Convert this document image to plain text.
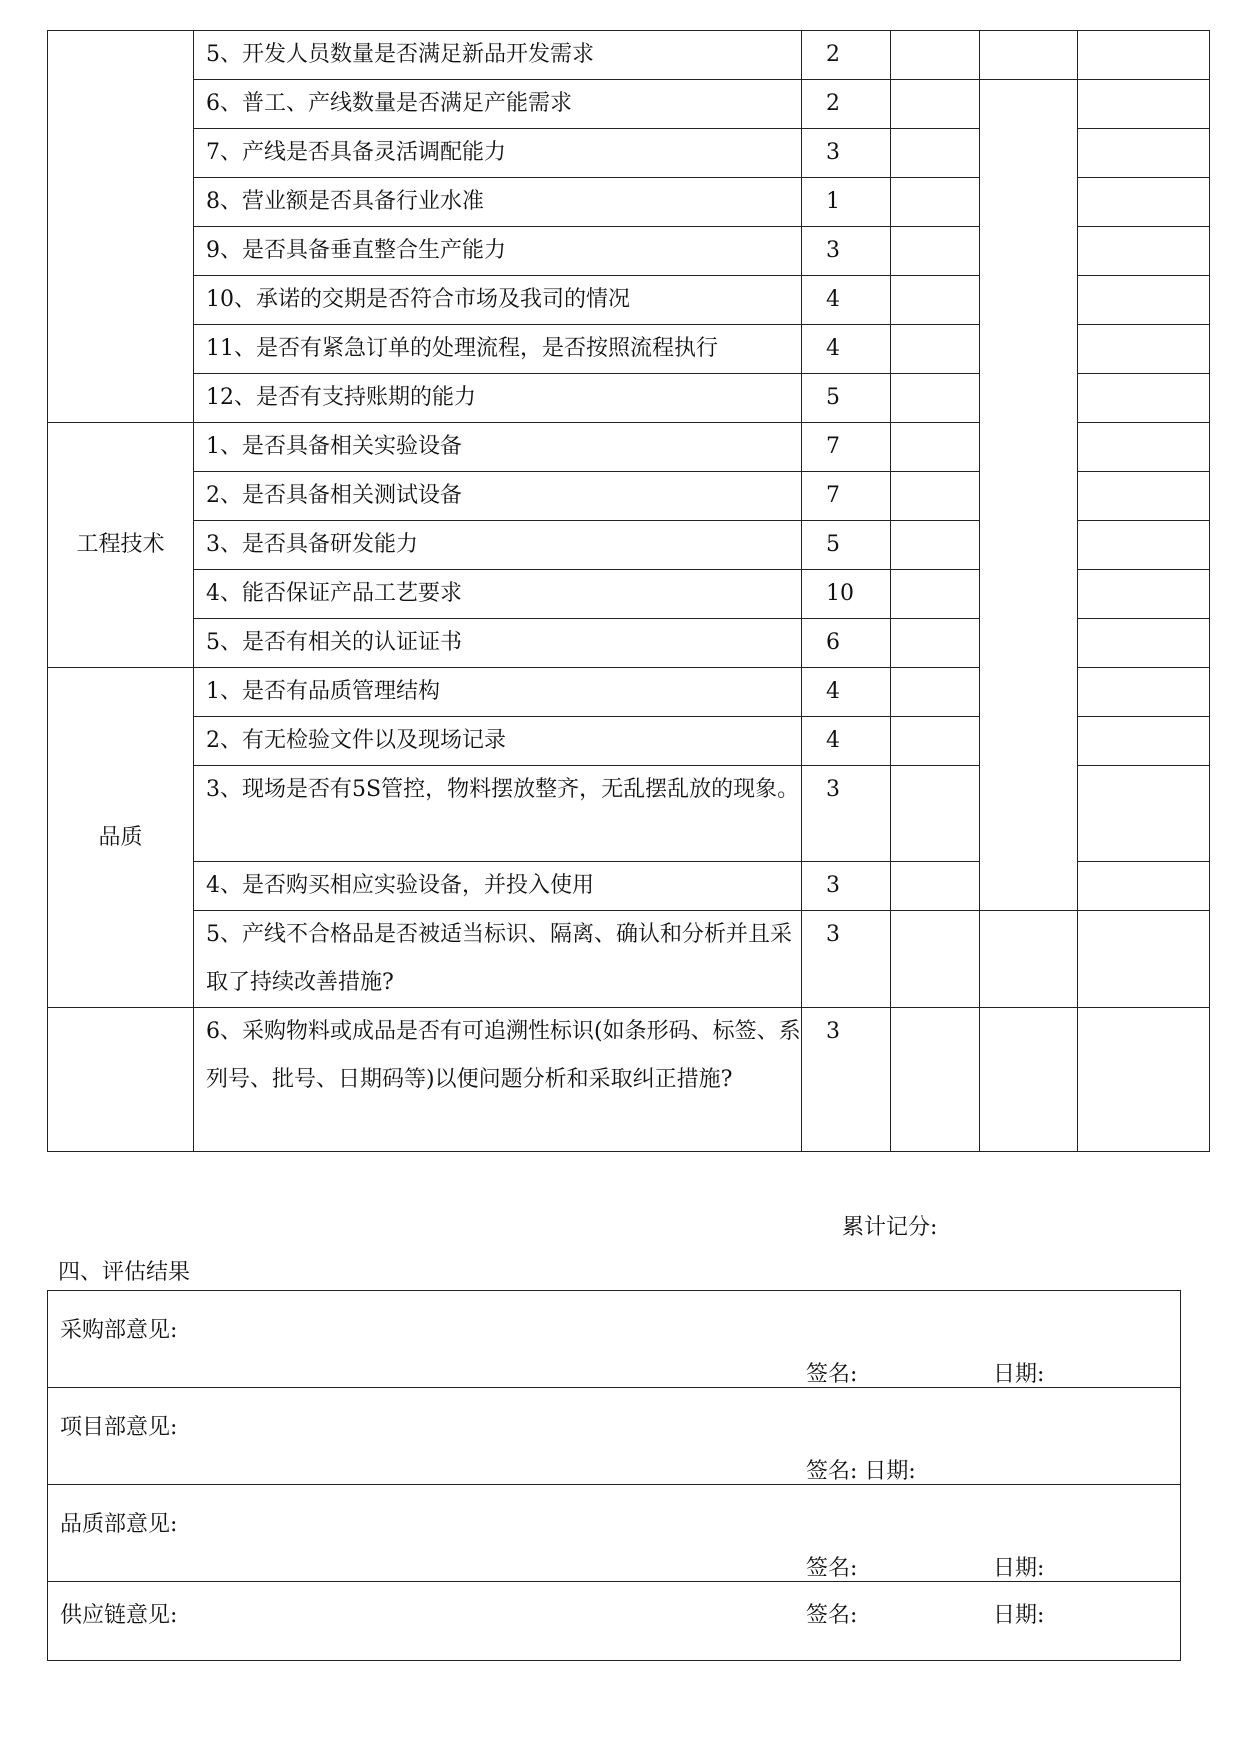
	5、开发人员数量是否满足新品开发需求	2			
	6、普工、产线数量是否满足产能需求	2			
	7、产线是否具备灵活调配能力	3			
	8、营业额是否具备行业水准	1			
	9、是否具备垂直整合生产能力	3			
	10、承诺的交期是否符合市场及我司的情况	4			
	11、是否有紧急订单的处理流程，是否按照流程执行	4			
	12、是否有支持账期的能力	5			
工程技术	1、是否具备相关实验设备	7			
	2、是否具备相关测试设备	7			
	3、是否具备研发能力	5			
	4、能否保证产品工艺要求	10			
	5、是否有相关的认证证书	6			
品质	1、是否有品质管理结构	4			
	2、有无检验文件以及现场记录	4			
	3、现场是否有5S管控，物料摆放整齐，无乱摆乱放的现象。	3			
	4、是否购买相应实验设备，并投入使用	3			
	5、产线不合格品是否被适当标识、隔离、确认和分析并且采取了持续改善措施?	3			
	6、采购物料或成品是否有可追溯性标识(如条形码、标签、系列号、批号、日期码等)以便问题分析和采取纠正措施?	3			
累计记分:
四、评估结果
采购部意见:
签名:	日期:
项目部意见:
签名: 日期:
品质部意见:
签名:	日期:
供应链意见:	签名:	日期:
